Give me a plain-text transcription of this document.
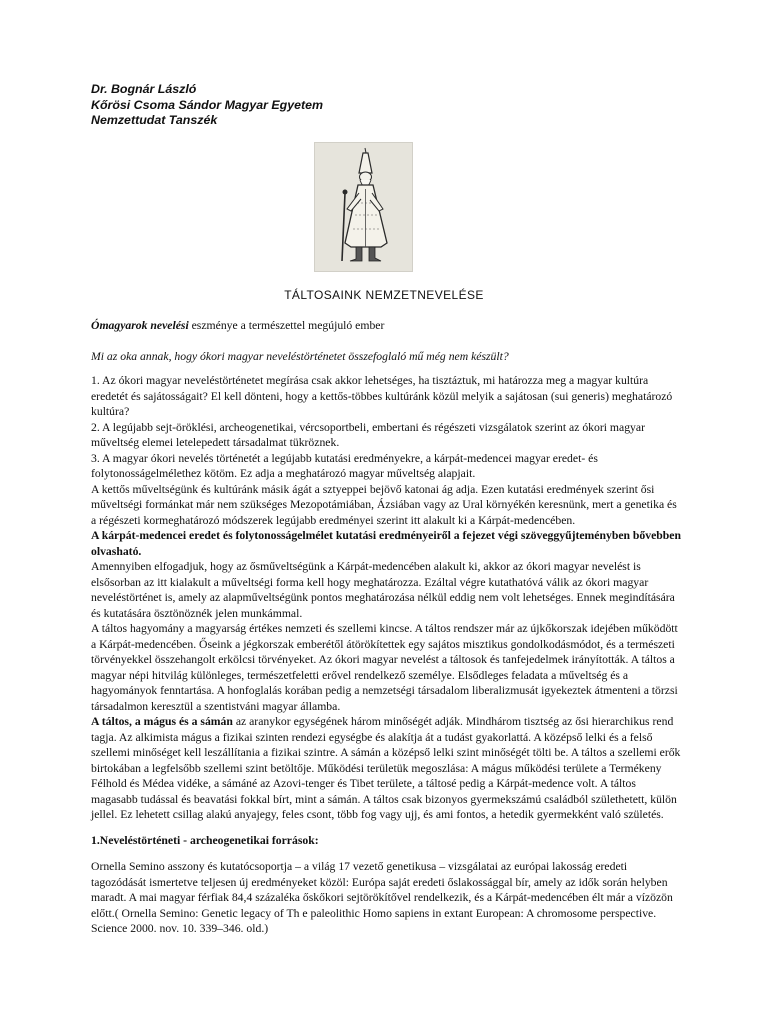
Dr. Bognár László
Kőrösi Csoma Sándor Magyar Egyetem
Nemzettudat Tanszék
TÁLTOSAINK NEMZETNEVELÉSE

Ómagyarok nevelési eszménye a természettel megújuló ember

Mi az oka annak, hogy ókori magyar neveléstörténetet összefoglaló mű még nem készült?

1. Az ókori magyar neveléstörténetet megírása csak akkor lehetséges, ha tisztáztuk, mi határozza meg a magyar kultúra eredetét és sajátosságait? El kell dönteni, hogy a kettős-többes kultúránk közül melyik a sajátosan (sui generis) meghatározó kultúra?

2. A legújabb sejt-öröklési, archeogenetikai, vércsoportbeli, embertani és régészeti vizsgálatok szerint az ókori magyar műveltség elemei letelepedett társadalmat tükröznek.

3. A magyar ókori nevelés történetét a legújabb kutatási eredményekre, a kárpát-medencei magyar eredet- és folytonosságelmélethez kötöm. Ez adja a meghatározó magyar műveltség alapjait.

A kettős műveltségünk és kultúránk másik ágát a sztyeppei bejövő katonai ág adja. Ezen kutatási eredmények szerint ősi műveltségi formánkat már nem szükséges Mezopotámiában, Ázsiában vagy az Ural környékén keresnünk, mert a genetika és a régészeti kormeghatározó módszerek legújabb eredményei szerint itt alakult ki a Kárpát-medencében.

A kárpát-medencei eredet és folytonosságelmélet kutatási eredményeiről a fejezet végi szöveggyűjteményben bővebben olvasható.

Amennyiben elfogadjuk, hogy az ősműveltségünk a Kárpát-medencében alakult ki, akkor az ókori magyar nevelést is elsősorban az itt kialakult a műveltségi forma kell hogy meghatározza. Ezáltal végre kutathatóvá válik az ókori magyar neveléstörténet is, amely az alapműveltségünk pontos meghatározása nélkül eddig nem volt lehetséges. Ennek megindítására és kutatására ösztönöznék jelen munkámmal.

A táltos hagyomány a magyarság értékes nemzeti és szellemi kincse. A táltos rendszer már az újkőkorszak idejében működött a Kárpát-medencében. Őseink a jégkorszak emberétől átörökítettek egy sajátos misztikus gondolkodásmódot, és a természeti törvényekkel összehangolt erkölcsi törvényeket. Az ókori magyar nevelést a táltosok és tanfejedelmek irányították. A táltos a magyar népi hitvilág különleges, természetfeletti erővel rendelkező személye. Elsődleges feladata a műveltség és a hagyományok fenntartása. A honfoglalás korában pedig a nemzetségi társadalom liberalizmusát igyekeztek átmenteni a törzsi társadalmon keresztül a szentistváni magyar államba.

A táltos, a mágus és a sámán az aranykor egységének három minőségét adják. Mindhárom tisztség az ősi hierarchikus rend tagja. Az alkimista mágus a fizikai szinten rendezi egységbe és alakítja át a tudást gyakorlattá. A középső lelki és a felső szellemi minőséget kell leszállítania a fizikai szintre. A sámán a középső lelki szint minőségét tölti be. A táltos a szellemi erők birtokában a legfelsőbb szellemi szint betöltője. Működési területük megoszlása: A mágus működési területe a Termékeny Félhold és Médea vidéke, a sámáné az Azovi-tenger és Tibet területe, a táltosé pedig a Kárpát-medence volt. A táltos magasabb tudással és beavatási fokkal bírt, mint a sámán. A táltos csak bizonyos gyermekszámú családból születhetett, külön jellel. Ez lehetett csillag alakú anyajegy, feles csont, több fog vagy ujj, és ami fontos, a hetedik gyermekként való születés.

1.Neveléstörténeti - archeogenetikai források:
Ornella Semino asszony és kutatócsoportja – a világ 17 vezető genetikusa – vizsgálatai az európai lakosság eredeti tagozódását ismertetve teljesen új eredményeket közöl: Európa saját eredeti őslakossággal bír, amely az idők során helyben maradt. A mai magyar férfiak 84,4 százaléka őskőkori sejtörökítővel rendelkezik, és a Kárpát-medencében élt már a vízözön előtt.( Ornella Semino: Genetic legacy of Th e paleolithic Homo sapiens in extant European: A chromosome perspective. Science 2000. nov. 10. 339–346. old.)
